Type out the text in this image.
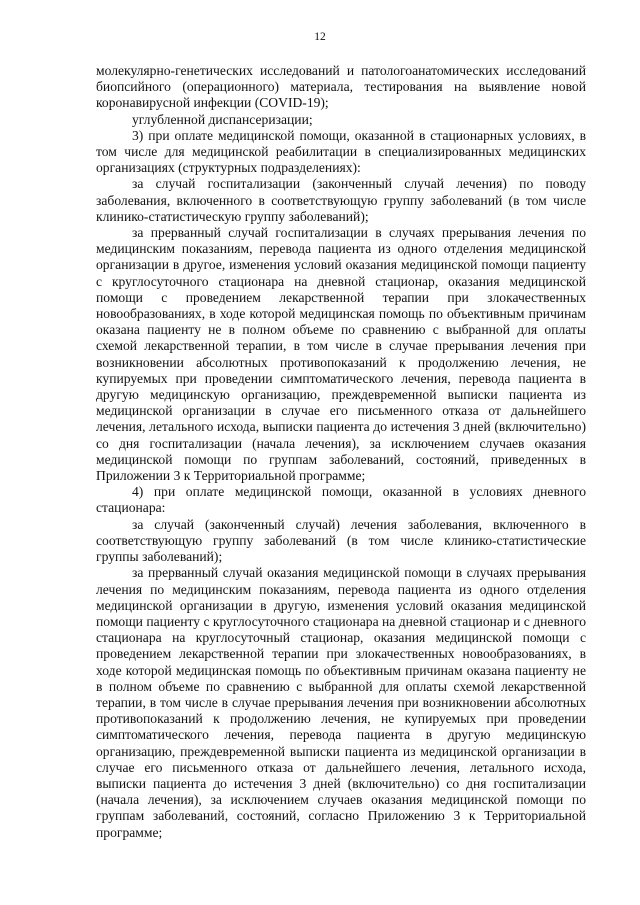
12

молекулярно-генетических исследований и патологоанатомических исследований биопсийного (операционного) материала, тестирования на выявление новой коронавирусной инфекции (COVID-19);

углубленной диспансеризации;

3) при оплате медицинской помощи, оказанной в стационарных условиях, в том числе для медицинской реабилитации в специализированных медицинских организациях (структурных подразделениях):

за случай госпитализации (законченный случай лечения) по поводу заболевания, включенного в соответствующую группу заболеваний (в том числе клинико-статистическую группу заболеваний);

за прерванный случай госпитализации в случаях прерывания лечения по медицинским показаниям, перевода пациента из одного отделения медицинской организации в другое, изменения условий оказания медицинской помощи пациенту с круглосуточного стационара на дневной стационар, оказания медицинской помощи с проведением лекарственной терапии при злокачественных новообразованиях, в ходе которой медицинская помощь по объективным причинам оказана пациенту не в полном объеме по сравнению с выбранной для оплаты схемой лекарственной терапии, в том числе в случае прерывания лечения при возникновении абсолютных противопоказаний к продолжению лечения, не купируемых при проведении симптоматического лечения, перевода пациента в другую медицинскую организацию, преждевременной выписки пациента из медицинской организации в случае его письменного отказа от дальнейшего лечения, летального исхода, выписки пациента до истечения 3 дней (включительно) со дня госпитализации (начала лечения), за исключением случаев оказания медицинской помощи по группам заболеваний, состояний, приведенных в Приложении 3 к Территориальной программе;

4) при оплате медицинской помощи, оказанной в условиях дневного стационара:

за случай (законченный случай) лечения заболевания, включенного в соответствующую группу заболеваний (в том числе клинико-статистические группы заболеваний);

за прерванный случай оказания медицинской помощи в случаях прерывания лечения по медицинским показаниям, перевода пациента из одного отделения медицинской организации в другую, изменения условий оказания медицинской помощи пациенту с круглосуточного стационара на дневной стационар и с дневного стационара на круглосуточный стационар, оказания медицинской помощи с проведением лекарственной терапии при злокачественных новообразованиях, в ходе которой медицинская помощь по объективным причинам оказана пациенту не в полном объеме по сравнению с выбранной для оплаты схемой лекарственной терапии, в том числе в случае прерывания лечения при возникновении абсолютных противопоказаний к продолжению лечения, не купируемых при проведении симптоматического лечения, перевода пациента в другую медицинскую организацию, преждевременной выписки пациента из медицинской организации в случае его письменного отказа от дальнейшего лечения, летального исхода, выписки пациента до истечения 3 дней (включительно) со дня госпитализации (начала лечения), за исключением случаев оказания медицинской помощи по группам заболеваний, состояний, согласно Приложению 3 к Территориальной программе;
